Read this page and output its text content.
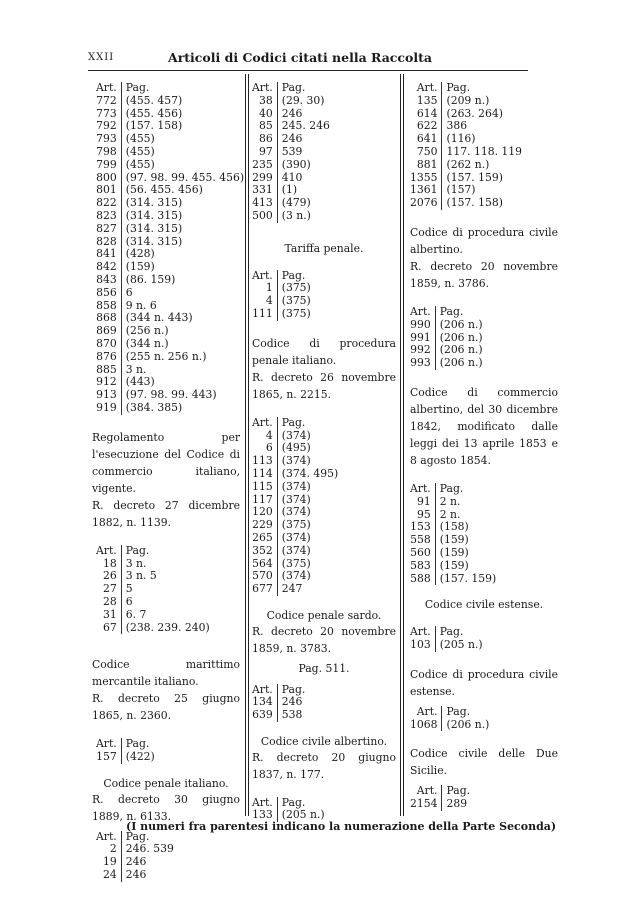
XXII	Articoli di Codici citati nella Raccolta
Art.	Pag.
772	(455. 457)
773	(455. 456)
792	(157. 158)
793	(455)
798	(455)
799	(455)
800	(97. 98. 99. 455. 456)
801	(56. 455. 456)
822	(314. 315)
823	(314. 315)
827	(314. 315)
828	(314. 315)
841	(428)
842	(159)
843	(86. 159)
856	6
858	9 n. 6
868	(344 n. 443)
869	(256 n.)
870	(344 n.)
876	(255 n. 256 n.)
885	3 n.
912	(443)
913	(97. 98. 99. 443)
919	(384. 385)
Regolamento per l'esecuzione del Codice di commercio italiano, vigente.
R. decreto 27 dicembre 1882, n. 1139.
Art.	Pag.
18	3 n.
26	3 n. 5
27	5
28	6
31	6. 7
67	(238. 239. 240)
Codice marittimo mercantile italiano.
R. decreto 25 giugno 1865, n. 2360.
Art.	Pag.
157	(422)
Codice penale italiano.
R. decreto 30 giugno 1889, n. 6133.
Art.	Pag.
2	246. 539
19	246
24	246
Art.	Pag.
38	(29. 30)
40	246
85	245. 246
86	246
97	539
235	(390)
299	410
331	(1)
413	(479)
500	(3 n.)
Tariffa penale.
Art.	Pag.
1	(375)
4	(375)
111	(375)
Codice di procedura penale italiano.
R. decreto 26 novembre 1865, n. 2215.
Art.	Pag.
4	(374)
6	(495)
113	(374)
114	(374. 495)
115	(374)
117	(374)
120	(374)
229	(375)
265	(374)
352	(374)
564	(375)
570	(374)
677	247
Codice penale sardo.
R. decreto 20 novembre 1859, n. 3783.
Pag. 511.
Art.	Pag.
134	246
639	538
Codice civile albertino.
R. decreto 20 giugno 1837, n. 177.
Art.	Pag.
133	(205 n.)
Art.	Pag.
135	(209 n.)
614	(263. 264)
622	386
641	(116)
750	117. 118. 119
881	(262 n.)
1355	(157. 159)
1361	(157)
2076	(157. 158)
Codice di procedura civile albertino.
R. decreto 20 novembre 1859, n. 3786.
Art.	Pag.
990	(206 n.)
991	(206 n.)
992	(206 n.)
993	(206 n.)
Codice di commercio albertino, del 30 dicembre 1842, modificato dalle leggi dei 13 aprile 1853 e 8 agosto 1854.
Art.	Pag.
91	2 n.
95	2 n.
153	(158)
558	(159)
560	(159)
583	(159)
588	(157. 159)
Codice civile estense.
Art.	Pag.
103	(205 n.)
Codice di procedura civile estense.
Art.	Pag.
1068	(206 n.)
Codice civile delle Due Sicilie.
Art.	Pag.
2154	289
(I numeri fra parentesi indicano la numerazione della Parte Seconda)
